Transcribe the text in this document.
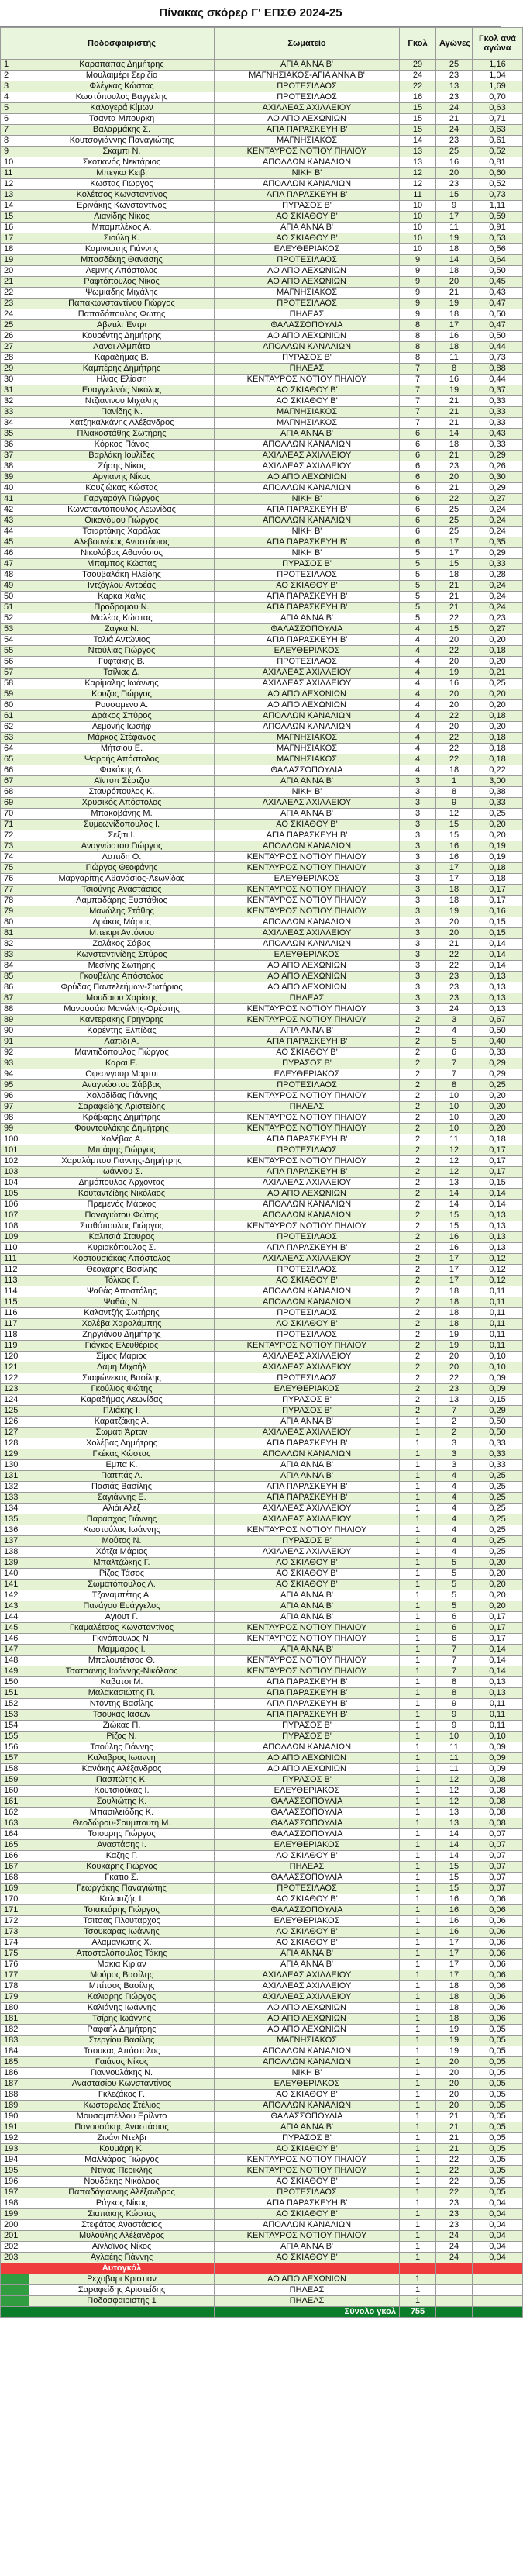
Πίνακας σκόρερ Γ' ΕΠΣΘ 2024-25
	Ποδοσφαιριστής	Σωματείο	Γκολ	Αγώνες	Γκολ ανά αγώνα
1	Καραπαπας Δημήτρης	ΑΓΙΑ ΑΝΝΑ Β'	29	25	1,16
2	Μουλαιμέρι Σεριζίο	ΜΑΓΝΗΣΙΑΚΟΣ-ΑΓΙΑ ΑΝΝΑ Β'	24	23	1,04
3	Φλέγκας Κώστας	ΠΡΟΤΕΣΙΛΑΟΣ	22	13	1,69
4	Κωστόπουλος Βαγγέλης	ΠΡΟΤΕΣΙΛΑΟΣ	16	23	0,70
5	Καλογερά Κίμων	ΑΧΙΛΛΕΑΣ ΑΧΙΛΛΕΙΟΥ	15	24	0,63
6	Τσαντα Μπουρκη	ΑΟ ΑΠΟ ΛΕΧΩΝΙΩΝ	15	21	0,71
7	Βαλαρμάκης Σ.	ΑΓΙΑ ΠΑΡΑΣΚΕΥΗ Β'	15	24	0,63
8	Κουτσογιάννης Παναγιώτης	ΜΑΓΝΗΣΙΑΚΟΣ	14	23	0,61
9	Σκαμπι Ν.	ΚΕΝΤΑΥΡΟΣ ΝΟΤΙΟΥ ΠΗΛΙΟΥ	13	25	0,52
10	Σκοτιανός Νεκτάριος	ΑΠΟΛΛΩΝ ΚΑΝΑΛΙΩΝ	13	16	0,81
11	Μπεγκα Κειβι	ΝΙΚΗ Β'	12	20	0,60
12	Κωστας Γιώργος	ΑΠΟΛΛΩΝ ΚΑΝΑΛΙΩΝ	12	23	0,52
13	Κολέτσος Κωνσταντίνος	ΑΓΙΑ ΠΑΡΑΣΚΕΥΗ Β'	11	15	0,73
14	Ερινάκης Κωνσταντίνος	ΠΥΡΑΣΟΣ Β'	10	9	1,11
15	Λιανίδης Νίκος	ΑΟ ΣΚΙΑΘΟΥ Β'	10	17	0,59
16	Μπαμπλέκος Α.	ΑΓΙΑ ΑΝΝΑ Β'	10	11	0,91
17	Σιούλη Κ.	ΑΟ ΣΚΙΑΘΟΥ Β'	10	19	0,53
18	Καμινιώτης Γιάννης	ΕΛΕΥΘΕΡΙΑΚΟΣ	10	18	0,56
19	Μπασδέκης Θανάσης	ΠΡΟΤΕΣΙΛΑΟΣ	9	14	0,64
20	Λεμνης Απόστολος	ΑΟ ΑΠΟ ΛΕΧΩΝΙΩΝ	9	18	0,50
21	Ραφτόπουλος Νίκος	ΑΟ ΑΠΟ ΛΕΧΩΝΙΩΝ	9	20	0,45
22	Ψωμιάδης Μιχάλης	ΜΑΓΝΗΣΙΑΚΟΣ	9	21	0,43
23	Παπακωνσταντίνου Γιώργος	ΠΡΟΤΕΣΙΛΑΟΣ	9	19	0,47
24	Παπαδόπουλος Φώτης	ΠΗΛΕΑΣ	9	18	0,50
25	Αβντιλι Έντρι	ΘΑΛΑΣΣΟΠΟΥΛΙΑ	8	17	0,47
26	Κουρέντης Δημήτρης	ΑΟ ΑΠΟ ΛΕΧΩΝΙΩΝ	8	16	0,50
27	Λαναι Αλμπάτο	ΑΠΟΛΛΩΝ ΚΑΝΑΛΙΩΝ	8	18	0,44
28	Καραδήμας Β.	ΠΥΡΑΣΟΣ Β'	8	11	0,73
29	Καμπέρης Δημήτρης	ΠΗΛΕΑΣ	7	8	0,88
30	Ηλιας Ελίαση	ΚΕΝΤΑΥΡΟΣ ΝΟΤΙΟΥ ΠΗΛΙΟΥ	7	16	0,44
31	Ευαγγελινός Νικόλας	ΑΟ ΣΚΙΑΘΟΥ Β'	7	19	0,37
32	Ντζιανινου Μιχάλης	ΑΟ ΣΚΙΑΘΟΥ Β'	7	21	0,33
33	Πανίδης Ν.	ΜΑΓΝΗΣΙΑΚΟΣ	7	21	0,33
34	Χατζηκαλκάνης Αλέξανδρος	ΜΑΓΝΗΣΙΑΚΟΣ	7	21	0,33
35	Πλιακοστάθης Σωτήρης	ΑΓΙΑ ΑΝΝΑ Β'	6	14	0,43
36	Κόρκος Πάνος	ΑΠΟΛΛΩΝ ΚΑΝΑΛΙΩΝ	6	18	0,33
37	Βαρλάκη Ιουλίδες	ΑΧΙΛΛΕΑΣ ΑΧΙΛΛΕΙΟΥ	6	21	0,29
38	Ζήσης Νίκος	ΑΧΙΛΛΕΑΣ ΑΧΙΛΛΕΙΟΥ	6	23	0,26
39	Αργιανης Νίκος	ΑΟ ΑΠΟ ΛΕΧΩΝΙΩΝ	6	20	0,30
40	Κουζιώκας Κώστας	ΑΠΟΛΛΩΝ ΚΑΝΑΛΙΩΝ	6	21	0,29
41	Γαργαρόγλ Γιώργος	ΝΙΚΗ Β'	6	22	0,27
42	Κωνσταντόπουλος Λεωνίδας	ΑΓΙΑ ΠΑΡΑΣΚΕΥΗ Β'	6	25	0,24
43	Οικονόμου Γιώργος	ΑΠΟΛΛΩΝ ΚΑΝΑΛΙΩΝ	6	25	0,24
44	Τσιαρτάκης Χαράλας	ΝΙΚΗ Β'	6	25	0,24
45	Αλεβουνέκος Αναστάσιος	ΑΓΙΑ ΠΑΡΑΣΚΕΥΗ Β'	6	17	0,35
46	Νικολόβας Αθανάσιος	ΝΙΚΗ Β'	5	17	0,29
47	Μπαμπος Κώστας	ΠΥΡΑΣΟΣ Β'	5	15	0,33
48	Τσουβαλάκη Ηλείδης	ΠΡΟΤΕΣΙΛΑΟΣ	5	18	0,28
49	Ιντζόγλου Αντρέας	ΑΟ ΣΚΙΑΘΟΥ Β'	5	21	0,24
50	Καρκα Χαλις	ΑΓΙΑ ΠΑΡΑΣΚΕΥΗ Β'	5	21	0,24
51	Προδρομου Ν.	ΑΓΙΑ ΠΑΡΑΣΚΕΥΗ Β'	5	21	0,24
52	Μαλέας Κώστας	ΑΓΙΑ ΑΝΝΑ Β'	5	22	0,23
53	Ζαγκα Ν.	ΘΑΛΑΣΣΟΠΟΥΛΙΑ	4	15	0,27
54	Τολιά Αντώνιος	ΑΓΙΑ ΠΑΡΑΣΚΕΥΗ Β'	4	20	0,20
55	Ντούλιας Γιώργος	ΕΛΕΥΘΕΡΙΑΚΟΣ	4	22	0,18
56	Γυφτάκης Β.	ΠΡΟΤΕΣΙΛΑΟΣ	4	20	0,20
57	Τσίλιας Δ.	ΑΧΙΛΛΕΑΣ ΑΧΙΛΛΕΙΟΥ	4	19	0,21
58	Καρίμαλης Ιωάννης	ΑΧΙΛΛΕΑΣ ΑΧΙΛΛΕΙΟΥ	4	16	0,25
59	Κουζος Γιώργος	ΑΟ ΑΠΟ ΛΕΧΩΝΙΩΝ	4	20	0,20
60	Ρουσαμενο Α.	ΑΟ ΑΠΟ ΛΕΧΩΝΙΩΝ	4	20	0,20
61	Δράκος Σπύρος	ΑΠΟΛΛΩΝ ΚΑΝΑΛΙΩΝ	4	22	0,18
62	Λεμονής Ιωσήφ	ΑΠΟΛΛΩΝ ΚΑΝΑΛΙΩΝ	4	20	0,20
63	Μάρκος Στέφανος	ΜΑΓΝΗΣΙΑΚΟΣ	4	22	0,18
64	Μήτσιου Ε.	ΜΑΓΝΗΣΙΑΚΟΣ	4	22	0,18
65	Ψαρρής Απόστολος	ΜΑΓΝΗΣΙΑΚΟΣ	4	22	0,18
66	Φακάκης Δ.	ΘΑΛΑΣΣΟΠΟΥΛΙΑ	4	18	0,22
67	Αϊντυπ Σέρτζιο	ΑΓΙΑ ΑΝΝΑ Β'	3	1	3,00
68	Σταυρόπουλος Κ.	ΝΙΚΗ Β'	3	8	0,38
69	Χρυσικός Απόστολος	ΑΧΙΛΛΕΑΣ ΑΧΙΛΛΕΙΟΥ	3	9	0,33
70	Μπακοβάνης Μ.	ΑΓΙΑ ΑΝΝΑ Β'	3	12	0,25
71	Συμεωνίδοπουλος Ι.	ΑΟ ΣΚΙΑΘΟΥ Β'	3	15	0,20
72	Σεξιτι Ι.	ΑΓΙΑ ΠΑΡΑΣΚΕΥΗ Β'	3	15	0,20
73	Αναγνώστου Γιώργος	ΑΠΟΛΛΩΝ ΚΑΝΑΛΙΩΝ	3	16	0,19
74	Λαπιδη Ο.	ΚΕΝΤΑΥΡΟΣ ΝΟΤΙΟΥ ΠΗΛΙΟΥ	3	16	0,19
75	Γιώργος Θεοφάνης	ΚΕΝΤΑΥΡΟΣ ΝΟΤΙΟΥ ΠΗΛΙΟΥ	3	17	0,18
76	Μαργαρίτης Αθανάσιος-Λεωνίδας	ΕΛΕΥΘΕΡΙΑΚΟΣ	3	17	0,18
77	Τσιούνης Αναστάσιος	ΚΕΝΤΑΥΡΟΣ ΝΟΤΙΟΥ ΠΗΛΙΟΥ	3	18	0,17
78	Λαμπαδάρης Ευστάθιος	ΚΕΝΤΑΥΡΟΣ ΝΟΤΙΟΥ ΠΗΛΙΟΥ	3	18	0,17
79	Μανώλης Στάθης	ΚΕΝΤΑΥΡΟΣ ΝΟΤΙΟΥ ΠΗΛΙΟΥ	3	19	0,16
80	Δράκος Μάριος	ΑΠΟΛΛΩΝ ΚΑΝΑΛΙΩΝ	3	20	0,15
81	Μπεκιρι Αντόνιου	ΑΧΙΛΛΕΑΣ ΑΧΙΛΛΕΙΟΥ	3	20	0,15
82	Ζολάκος Σάβας	ΑΠΟΛΛΩΝ ΚΑΝΑΛΙΩΝ	3	21	0,14
83	Κωνσταντινίδης Σπύρος	ΕΛΕΥΘΕΡΙΑΚΟΣ	3	22	0,14
84	Μεσίνης Σωτήρης	ΑΟ ΑΠΟ ΛΕΧΩΝΙΩΝ	3	22	0,14
85	Γκουβέλης Απόστολος	ΑΟ ΑΠΟ ΛΕΧΩΝΙΩΝ	3	23	0,13
86	Φρύδας Παντελεήμων-Σωτήριος	ΑΟ ΑΠΟ ΛΕΧΩΝΙΩΝ	3	23	0,13
87	Μουδαιου Χαρίσης	ΠΗΛΕΑΣ	3	23	0,13
88	Μανουσάκι Μανώλης-Ορέστης	ΚΕΝΤΑΥΡΟΣ ΝΟΤΙΟΥ ΠΗΛΙΟΥ	3	24	0,13
89	Καντερακης Γρηγορης	ΚΕΝΤΑΥΡΟΣ ΝΟΤΙΟΥ ΠΗΛΙΟΥ	2	3	0,67
90	Κορέντης Ελπίδας	ΑΓΙΑ ΑΝΝΑ Β'	2	4	0,50
91	Λαπιδι Α.	ΑΓΙΑ ΠΑΡΑΣΚΕΥΗ Β'	2	5	0,40
92	Μανιτιδόπουλος Γιώργος	ΑΟ ΣΚΙΑΘΟΥ Β'	2	6	0,33
93	Καραι Ε.	ΠΥΡΑΣΟΣ Β'	2	7	0,29
94	Οφεονγουρ Μαρτυι	ΕΛΕΥΘΕΡΙΑΚΟΣ	2	7	0,29
95	Αναγνώστου Σάββας	ΠΡΟΤΕΣΙΛΑΟΣ	2	8	0,25
96	Χολοδίδας Γιάννης	ΚΕΝΤΑΥΡΟΣ ΝΟΤΙΟΥ ΠΗΛΙΟΥ	2	10	0,20
97	Σαραφείδης Αριστείδης	ΠΗΛΕΑΣ	2	10	0,20
98	Κράβαρης Δημήτρης	ΚΕΝΤΑΥΡΟΣ ΝΟΤΙΟΥ ΠΗΛΙΟΥ	2	10	0,20
99	Φουντουλάκης Δημήτρης	ΚΕΝΤΑΥΡΟΣ ΝΟΤΙΟΥ ΠΗΛΙΟΥ	2	10	0,20
100	Χολέβας Α.	ΑΓΙΑ ΠΑΡΑΣΚΕΥΗ Β'	2	11	0,18
101	Μπιάφης Γιώργος	ΠΡΟΤΕΣΙΛΑΟΣ	2	12	0,17
102	Χαραλάμπου Γιάννης-Δημήτρης	ΚΕΝΤΑΥΡΟΣ ΝΟΤΙΟΥ ΠΗΛΙΟΥ	2	12	0,17
103	Ιωάννου Σ.	ΑΓΙΑ ΠΑΡΑΣΚΕΥΗ Β'	2	12	0,17
104	Δημόπουλος Άρχοντας	ΑΧΙΛΛΕΑΣ ΑΧΙΛΛΕΙΟΥ	2	13	0,15
105	Κουταντζίδης Νικόλαος	ΑΟ ΑΠΟ ΛΕΧΩΝΙΩΝ	2	14	0,14
106	Πρεμενός Μάρκος	ΑΠΟΛΛΩΝ ΚΑΝΑΛΙΩΝ	2	14	0,14
107	Παναγιώτου Φώτης	ΑΠΟΛΛΩΝ ΚΑΝΑΛΙΩΝ	2	15	0,13
108	Σταθόπουλος Γιώργος	ΚΕΝΤΑΥΡΟΣ ΝΟΤΙΟΥ ΠΗΛΙΟΥ	2	15	0,13
109	Καλιτσιά Σταυρος	ΠΡΟΤΕΣΙΛΑΟΣ	2	16	0,13
110	Κυριακόπουλος Σ.	ΑΓΙΑ ΠΑΡΑΣΚΕΥΗ Β'	2	16	0,13
111	Κοστουσιάκας Απόστολος	ΑΧΙΛΛΕΑΣ ΑΧΙΛΛΕΙΟΥ	2	17	0,12
112	Θεοχάρης Βασίλης	ΠΡΟΤΕΣΙΛΑΟΣ	2	17	0,12
113	Τόλκας Γ.	ΑΟ ΣΚΙΑΘΟΥ Β'	2	17	0,12
114	Ψαθάς Αποστόλης	ΑΠΟΛΛΩΝ ΚΑΝΑΛΙΩΝ	2	18	0,11
115	Ψαθάς Ν.	ΑΠΟΛΛΩΝ ΚΑΝΑΛΙΩΝ	2	18	0,11
116	Καλαντζής Σωτήρης	ΠΡΟΤΕΣΙΛΑΟΣ	2	18	0,11
117	Χολέβα Χαραλάμπης	ΑΟ ΣΚΙΑΘΟΥ Β'	2	18	0,11
118	Ζηργιάνου Δημήτρης	ΠΡΟΤΕΣΙΛΑΟΣ	2	19	0,11
119	Γιάγκος Ελευθέριος	ΚΕΝΤΑΥΡΟΣ ΝΟΤΙΟΥ ΠΗΛΙΟΥ	2	19	0,11
120	Σίμος Μάριος	ΑΧΙΛΛΕΑΣ ΑΧΙΛΛΕΙΟΥ	2	20	0,10
121	Λάμη Μιχαήλ	ΑΧΙΛΛΕΑΣ ΑΧΙΛΛΕΙΟΥ	2	20	0,10
122	Σιαφώνεκας Βασίλης	ΠΡΟΤΕΣΙΛΑΟΣ	2	22	0,09
123	Γκούλιος Φώτης	ΕΛΕΥΘΕΡΙΑΚΟΣ	2	23	0,09
124	Καραδήμας Λεωνίδας	ΠΥΡΑΣΟΣ Β'	2	13	0,15
125	Πλιάκης Ι.	ΠΥΡΑΣΟΣ Β'	2	7	0,29
126	Καρατζάκης Α.	ΑΓΙΑ ΑΝΝΑ Β'	1	2	0,50
127	Σωματι Άρταν	ΑΧΙΛΛΕΑΣ ΑΧΙΛΛΕΙΟΥ	1	2	0,50
128	Χολέβας Δημήτρης	ΑΓΙΑ ΠΑΡΑΣΚΕΥΗ Β'	1	3	0,33
129	Γκέκας Κώστας	ΑΠΟΛΛΩΝ ΚΑΝΑΛΙΩΝ	1	3	0,33
130	Εμπα Κ.	ΑΓΙΑ ΑΝΝΑ Β'	1	3	0,33
131	Παππάς Α.	ΑΓΙΑ ΑΝΝΑ Β'	1	4	0,25
132	Πασιάς Βασίλης	ΑΓΙΑ ΠΑΡΑΣΚΕΥΗ Β'	1	4	0,25
133	Σαγιάννης Ε.	ΑΓΙΑ ΠΑΡΑΣΚΕΥΗ Β'	1	4	0,25
134	Αλιάι Αλεξ	ΑΧΙΛΛΕΑΣ ΑΧΙΛΛΕΙΟΥ	1	4	0,25
135	Παράσχος Γιάννης	ΑΧΙΛΛΕΑΣ ΑΧΙΛΛΕΙΟΥ	1	4	0,25
136	Κωστούλας Ιωάννης	ΚΕΝΤΑΥΡΟΣ ΝΟΤΙΟΥ ΠΗΛΙΟΥ	1	4	0,25
137	Μούτος Ν.	ΠΥΡΑΣΟΣ Β'	1	4	0,25
138	Χότζα Μάριος	ΑΧΙΛΛΕΑΣ ΑΧΙΛΛΕΙΟΥ	1	4	0,25
139	Μπαλτζώκης Γ.	ΑΟ ΣΚΙΑΘΟΥ Β'	1	5	0,20
140	Ρίζος Τάσος	ΑΟ ΣΚΙΑΘΟΥ Β'	1	5	0,20
141	Σωματόπουλος Λ.	ΑΟ ΣΚΙΑΘΟΥ Β'	1	5	0,20
142	Τζαναμπέτης Α.	ΑΓΙΑ ΑΝΝΑ Β'	1	5	0,20
143	Πανάγου Ευάγγελος	ΑΓΙΑ ΑΝΝΑ Β'	1	5	0,20
144	Αγιουτ Γ.	ΑΓΙΑ ΑΝΝΑ Β'	1	6	0,17
145	Γκαμαλέτσος Κωνσταντίνος	ΚΕΝΤΑΥΡΟΣ ΝΟΤΙΟΥ ΠΗΛΙΟΥ	1	6	0,17
146	Γκινόπουλος Ν.	ΚΕΝΤΑΥΡΟΣ ΝΟΤΙΟΥ ΠΗΛΙΟΥ	1	6	0,17
147	Μαμμαρος Ι.	ΑΓΙΑ ΑΝΝΑ Β'	1	7	0,14
148	Μπολουτέτσος Θ.	ΚΕΝΤΑΥΡΟΣ ΝΟΤΙΟΥ ΠΗΛΙΟΥ	1	7	0,14
149	Τσατσάνης Ιωάννης-Νικόλαος	ΚΕΝΤΑΥΡΟΣ ΝΟΤΙΟΥ ΠΗΛΙΟΥ	1	7	0,14
150	Καβατσι Μ.	ΑΓΙΑ ΠΑΡΑΣΚΕΥΗ Β'	1	8	0,13
151	Μαλακασιώτης Π.	ΑΓΙΑ ΠΑΡΑΣΚΕΥΗ Β'	1	8	0,13
152	Ντόντης Βασίλης	ΑΓΙΑ ΠΑΡΑΣΚΕΥΗ Β'	1	9	0,11
153	Τσουκας Ιασων	ΑΓΙΑ ΠΑΡΑΣΚΕΥΗ Β'	1	9	0,11
154	Ζιώκας Π.	ΠΥΡΑΣΟΣ Β'	1	9	0,11
155	Ρίζος Ν.	ΠΥΡΑΣΟΣ Β'	1	10	0,10
156	Τσούλης Γιάννης	ΑΠΟΛΛΩΝ ΚΑΝΑΛΙΩΝ	1	11	0,09
157	Καλαβρος Ιωαννη	ΑΟ ΑΠΟ ΛΕΧΩΝΙΩΝ	1	11	0,09
158	Κανάκης Αλέξανδρος	ΑΟ ΑΠΟ ΛΕΧΩΝΙΩΝ	1	11	0,09
159	Πασπώτης Κ.	ΠΥΡΑΣΟΣ Β'	1	12	0,08
160	Κουτσιούκας Ι.	ΕΛΕΥΘΕΡΙΑΚΟΣ	1	12	0,08
161	Σουλιώτης Κ.	ΘΑΛΑΣΣΟΠΟΥΛΙΑ	1	12	0,08
162	Μπασιλειάδης Κ.	ΘΑΛΑΣΣΟΠΟΥΛΙΑ	1	13	0,08
163	Θεοδώρου-Σουμπουτη Μ.	ΘΑΛΑΣΣΟΠΟΥΛΙΑ	1	13	0,08
164	Τσιουρης Γιώργος	ΘΑΛΑΣΣΟΠΟΥΛΙΑ	1	14	0,07
165	Αναστάσης Ι.	ΕΛΕΥΘΕΡΙΑΚΟΣ	1	14	0,07
166	Καζης Γ.	ΑΟ ΣΚΙΑΘΟΥ Β'	1	14	0,07
167	Κουκάρης Γιώργος	ΠΗΛΕΑΣ	1	15	0,07
168	Γκατιο Σ.	ΘΑΛΑΣΣΟΠΟΥΛΙΑ	1	15	0,07
169	Γεωργάκης Παναγιώτης	ΠΡΟΤΕΣΙΛΑΟΣ	1	15	0,07
170	Καλαιτζής Ι.	ΑΟ ΣΚΙΑΘΟΥ Β'	1	16	0,06
171	Τσιακτάρης Γιώργος	ΘΑΛΑΣΣΟΠΟΥΛΙΑ	1	16	0,06
172	Τσιτσας Πλουταρχος	ΕΛΕΥΘΕΡΙΑΚΟΣ	1	16	0,06
173	Τσουκαρας Ιωάννης	ΑΟ ΣΚΙΑΘΟΥ Β'	1	16	0,06
174	Αλαμανιώτης Χ.	ΑΟ ΣΚΙΑΘΟΥ Β'	1	17	0,06
175	Αποστολόπουλος Τάκης	ΑΓΙΑ ΑΝΝΑ Β'	1	17	0,06
176	Μακια Κιριαν	ΑΓΙΑ ΑΝΝΑ Β'	1	17	0,06
177	Μούρος Βασίλης	ΑΧΙΛΛΕΑΣ ΑΧΙΛΛΕΙΟΥ	1	17	0,06
178	Μπίτσος Βασίλης	ΑΧΙΛΛΕΑΣ ΑΧΙΛΛΕΙΟΥ	1	18	0,06
179	Καλιαρης Γιώργος	ΑΧΙΛΛΕΑΣ ΑΧΙΛΛΕΙΟΥ	1	18	0,06
180	Καλιάνης Ιωάννης	ΑΟ ΑΠΟ ΛΕΧΩΝΙΩΝ	1	18	0,06
181	Τσίρης Ιωάννης	ΑΟ ΑΠΟ ΛΕΧΩΝΙΩΝ	1	18	0,06
182	Ραφαήλ Δημήτρης	ΑΟ ΑΠΟ ΛΕΧΩΝΙΩΝ	1	19	0,05
183	Στεργίου Βασίλης	ΜΑΓΝΗΣΙΑΚΟΣ	1	19	0,05
184	Τσουκας Απόστολος	ΑΠΟΛΛΩΝ ΚΑΝΑΛΙΩΝ	1	19	0,05
185	Γαιάνος Νίκος	ΑΠΟΛΛΩΝ ΚΑΝΑΛΙΩΝ	1	20	0,05
186	Γιαννουλάκης Ν.	ΝΙΚΗ Β'	1	20	0,05
187	Αναστασίου Κωνσταντίνος	ΕΛΕΥΘΕΡΙΑΚΟΣ	1	20	0,05
188	Γκλεζάκος Γ.	ΑΟ ΣΚΙΑΘΟΥ Β'	1	20	0,05
189	Κωσταρελος Στέλιος	ΑΠΟΛΛΩΝ ΚΑΝΑΛΙΩΝ	1	20	0,05
190	Μουσαμπέλλου Ερίλντο	ΘΑΛΑΣΣΟΠΟΥΛΙΑ	1	21	0,05
191	Πανουσάκης Αναστάσιος	ΑΓΙΑ ΑΝΝΑ Β'	1	21	0,05
192	Ζινάνι Ντελβι	ΠΥΡΑΣΟΣ Β'	1	21	0,05
193	Κουμάρη Κ.	ΑΟ ΣΚΙΑΘΟΥ Β'	1	21	0,05
194	Μαλλιάρος Γιώργος	ΚΕΝΤΑΥΡΟΣ ΝΟΤΙΟΥ ΠΗΛΙΟΥ	1	22	0,05
195	Ντίνας Περικλής	ΚΕΝΤΑΥΡΟΣ ΝΟΤΙΟΥ ΠΗΛΙΟΥ	1	22	0,05
196	Νουδάκης Νικόλαος	ΑΟ ΣΚΙΑΘΟΥ Β'	1	22	0,05
197	Παπαδόγιαννης Αλέξανδρος	ΠΡΟΤΕΣΙΛΑΟΣ	1	22	0,05
198	Ράγκος Νίκος	ΑΓΙΑ ΠΑΡΑΣΚΕΥΗ Β'	1	23	0,04
199	Σιαπάκης Κώστας	ΑΟ ΣΚΙΑΘΟΥ Β'	1	23	0,04
200	Στεφάτος Αναστάσιος	ΑΠΟΛΛΩΝ ΚΑΝΑΛΙΩΝ	1	23	0,04
201	Μυλούλης Αλέξανδρος	ΚΕΝΤΑΥΡΟΣ ΝΟΤΙΟΥ ΠΗΛΙΟΥ	1	24	0,04
202	Αϊνλαϊνος Νίκος	ΑΓΙΑ ΑΝΝΑ Β'	1	24	0,04
203	Αγλαέης Γιάννης	ΑΟ ΣΚΙΑΘΟΥ Β'	1	24	0,04
	Αυτογκόλ				
	Ρεχοβαρι Κριστιαν	ΑΟ ΑΠΟ ΛΕΧΩΝΙΩΝ	1		
	Σαραφείδης Αριστείδης	ΠΗΛΕΑΣ	1		
	Ποδοσφαιριστής 1	ΠΗΛΕΑΣ	1		
		Σύνολο γκολ	755		
